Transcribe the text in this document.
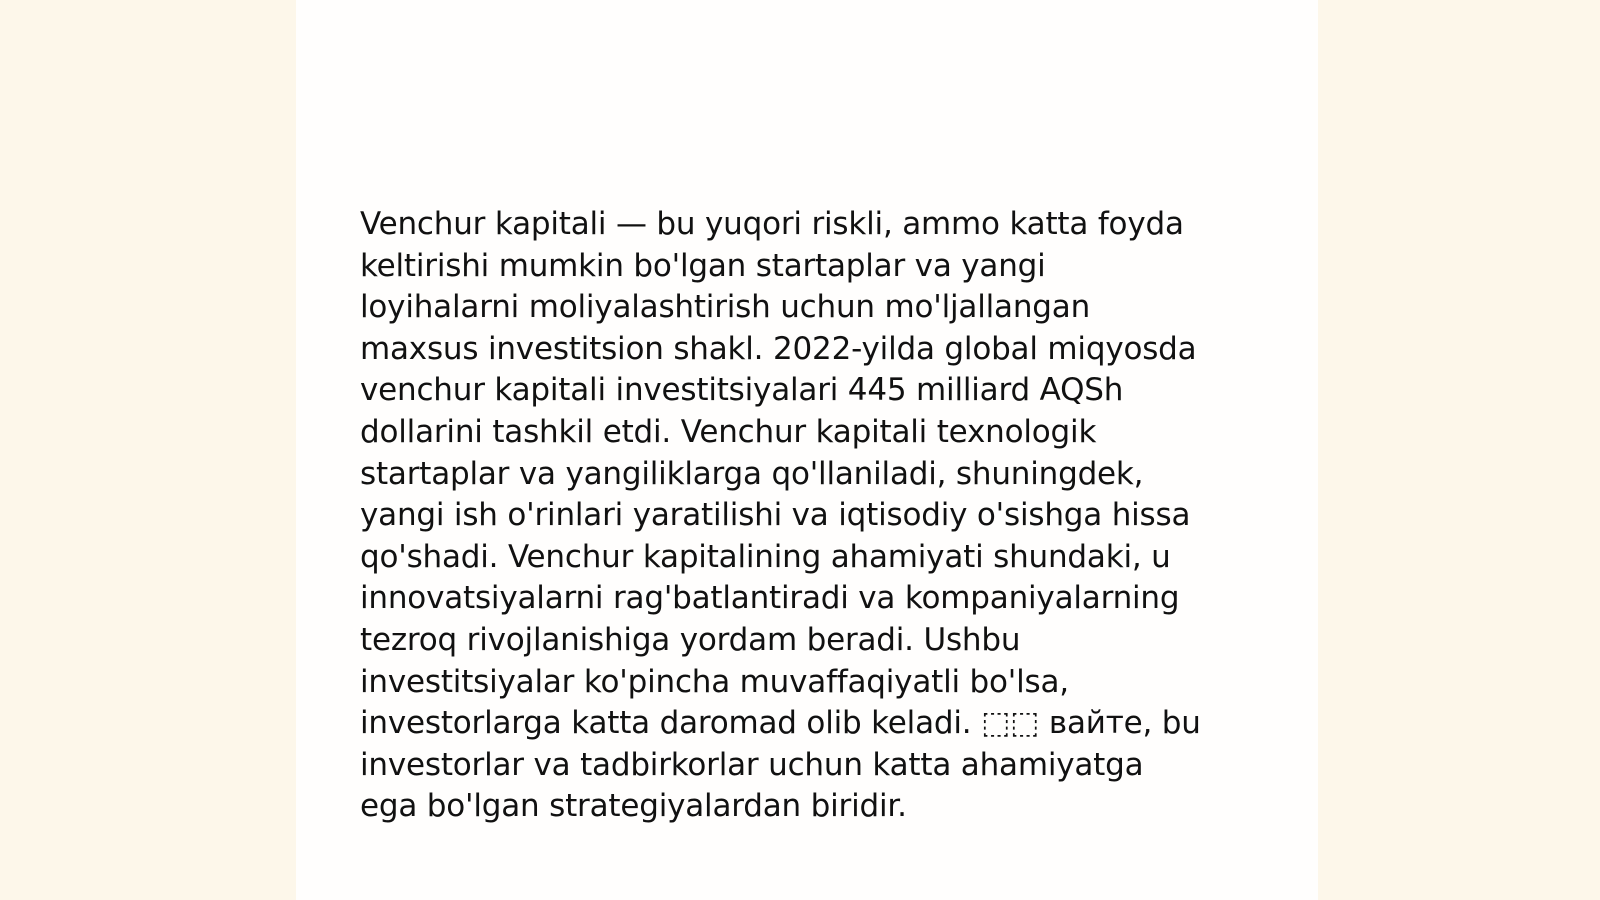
Venchur kapitali — bu yuqori riskli, ammo katta foyda
keltirishi mumkin bo'lgan startaplar va yangi
loyihalarni moliyalashtirish uchun mo'ljallangan
maxsus investitsion shakl. 2022-yilda global miqyosda
venchur kapitali investitsiyalari 445 milliard AQSh
dollarini tashkil etdi. Venchur kapitali texnologik
startaplar va yangiliklarga qo'llaniladi, shuningdek,
yangi ish o'rinlari yaratilishi va iqtisodiy o'sishga hissa
qo'shadi. Venchur kapitalining ahamiyati shundaki, u
innovatsiyalarni rag'batlantiradi va kompaniyalarning
tezroq rivojlanishiga yordam beradi. Ushbu
investitsiyalar ko'pincha muvaffaqiyatli bo'lsa,
investorlarga katta daromad olib keladi. ⬚⬚ вайте, bu
investorlar va tadbirkorlar uchun katta ahamiyatga
ega bo'lgan strategiyalardan biridir.
